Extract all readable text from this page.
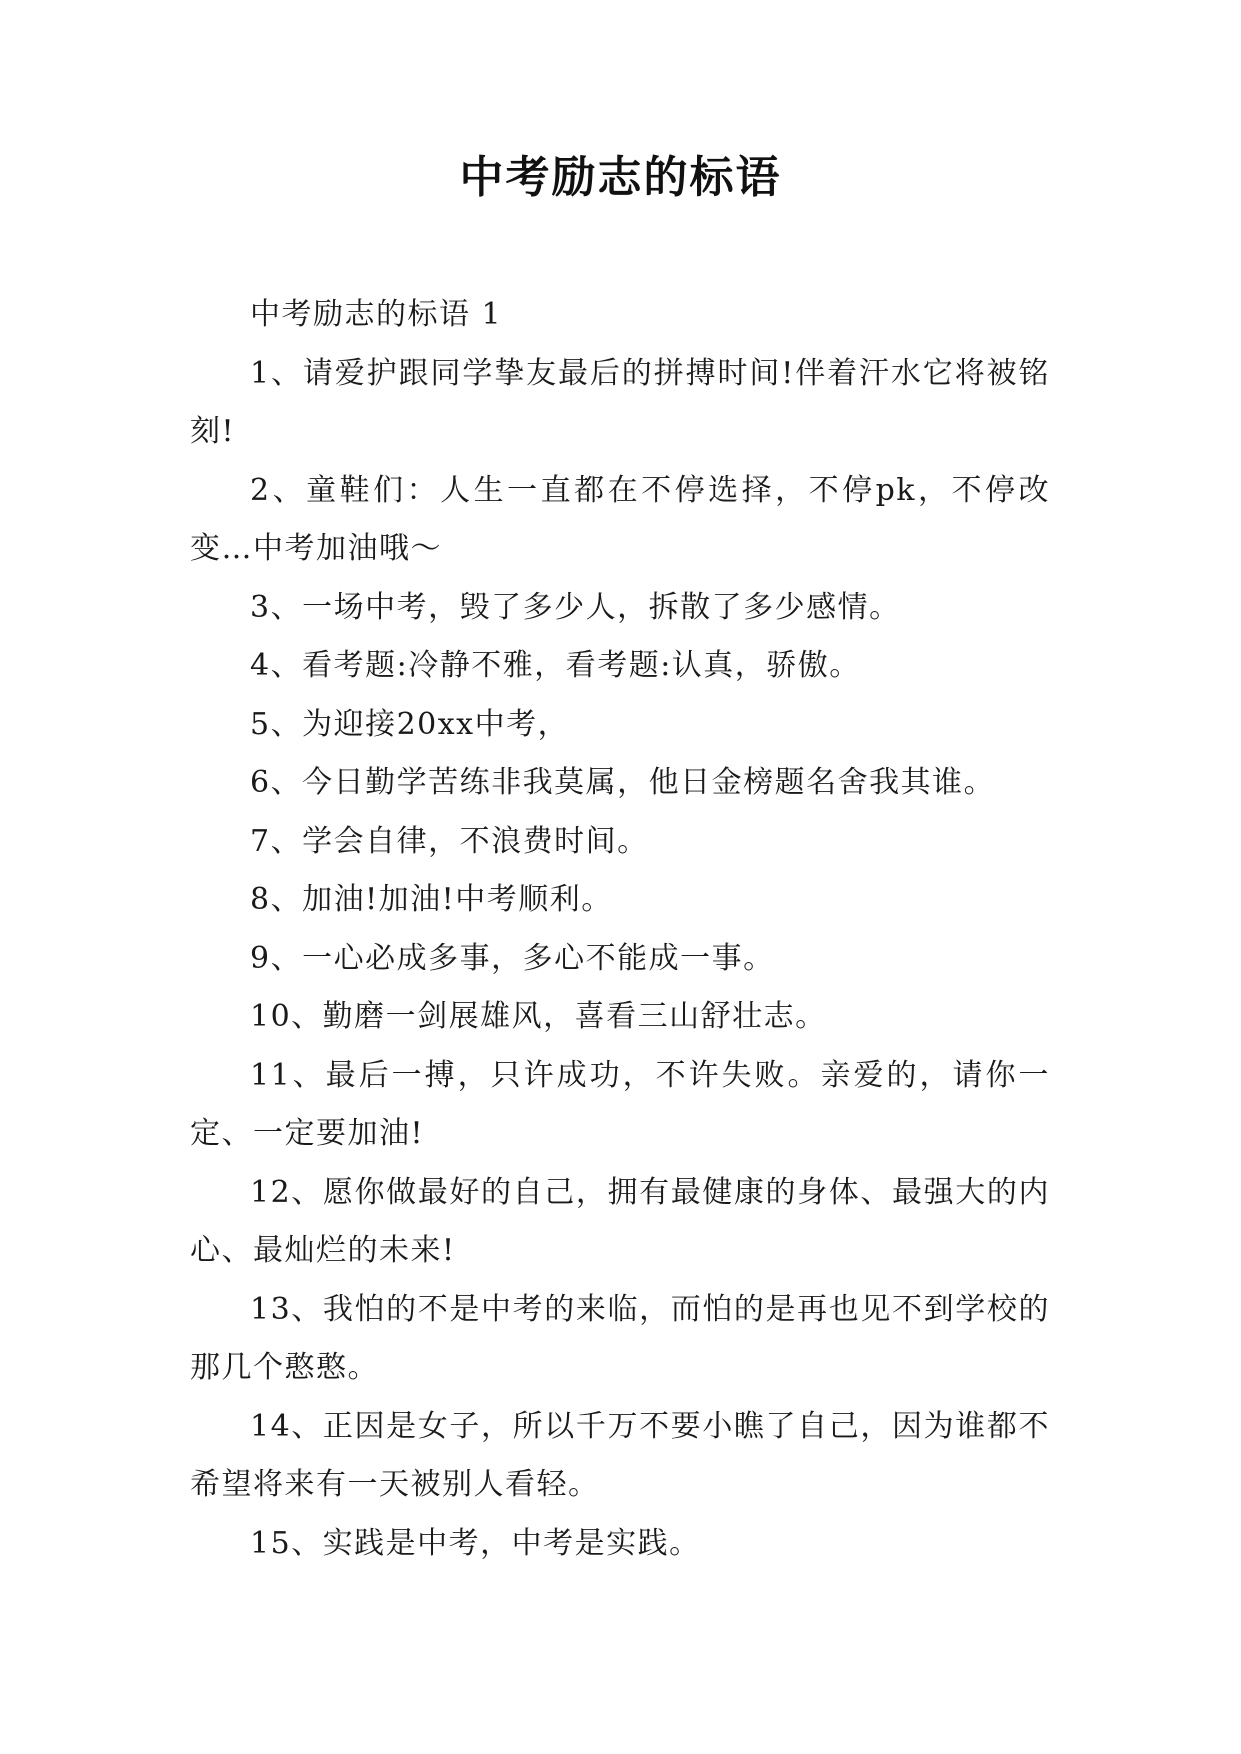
中考励志的标语

中考励志的标语 1

1、请爱护跟同学挚友最后的拼搏时间!伴着汗水它将被铭刻!

2、童鞋们：人生一直都在不停选择，不停pk，不停改变…中考加油哦～

3、一场中考，毁了多少人，拆散了多少感情。

4、看考题:冷静不雅，看考题:认真，骄傲。

5、为迎接20xx中考，

6、今日勤学苦练非我莫属，他日金榜题名舍我其谁。

7、学会自律，不浪费时间。

8、加油!加油!中考顺利。

9、一心必成多事，多心不能成一事。

10、勤磨一剑展雄风，喜看三山舒壮志。

11、最后一搏，只许成功，不许失败。亲爱的，请你一定、一定要加油!

12、愿你做最好的自己，拥有最健康的身体、最强大的内心、最灿烂的未来!

13、我怕的不是中考的来临，而怕的是再也见不到学校的那几个憨憨。

14、正因是女子，所以千万不要小瞧了自己，因为谁都不希望将来有一天被别人看轻。

15、实践是中考，中考是实践。
